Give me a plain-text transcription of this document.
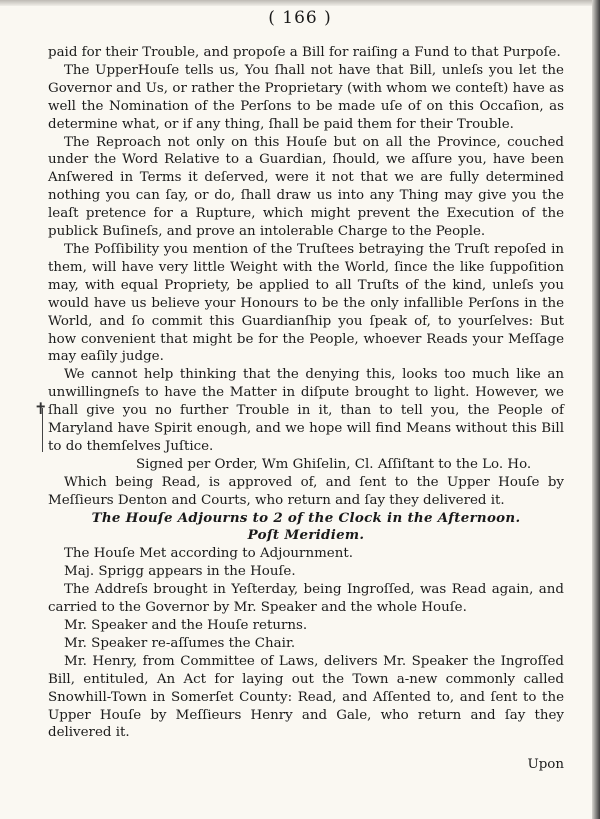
( 166 )
✝

paid for their Trouble, and propoſe a Bill for raiſing a Fund to that Purpoſe.

The UpperHouſe tells us, You ſhall not have that Bill, unleſs you let the Governor and Us, or rather the Proprietary (with whom we conteſt) have as well the Nomination of the Perſons to be made uſe of on this Occaſion, as determine what, or if any thing, ſhall be paid them for their Trouble.

The Reproach not only on this Houſe but on all the Province, couched under the Word Relative to a Guardian, ſhould, we aſſure you, have been Anſwered in Terms it deſerved, were it not that we are fully determined nothing you can ſay, or do, ſhall draw us into any Thing may give you the leaſt pretence for a Rupture, which might prevent the Execution of the publick Buſineſs, and prove an intolerable Charge to the People.

The Poſſibility you mention of the Truſtees betraying the Truſt repoſed in them, will have very little Weight with the World, ſince the like ſuppoſition may, with equal Propriety, be applied to all Truſts of the kind, unleſs you would have us believe your Honours to be the only infallible Perſons in the World, and ſo commit this Guardianſhip you ſpeak of, to yourſelves: But how convenient that might be for the People, whoever Reads your Meſſage may eaſily judge.

We cannot help thinking that the denying this, looks too much like an unwillingneſs to have the Matter in diſpute brought to light. However, we ſhall give you no further Trouble in it, than to tell you, the People of Maryland have Spirit enough, and we hope will find Means without this Bill to do themſelves Juſtice.

Signed per Order, Wm Ghiſelin, Cl. Aſſiſtant to the Lo. Ho.

Which being Read, is approved of, and ſent to the Upper Houſe by Meſſieurs Denton and Courts, who return and ſay they delivered it.

The Houſe Adjourns to 2 of the Clock in the Afternoon.

Poſt Meridiem.

The Houſe Met according to Adjournment.

Maj. Sprigg appears in the Houſe.

The Addreſs brought in Yeſterday, being Ingroſſed, was Read again, and carried to the Governor by Mr. Speaker and the whole Houſe.

Mr. Speaker and the Houſe returns.

Mr. Speaker re-aſſumes the Chair.

Mr. Henry, from Committee of Laws, delivers Mr. Speaker the Ingroſſed Bill, entituled, An Act for laying out the Town a-new commonly called Snowhill-Town in Somerſet County: Read, and Aſſented to, and ſent to the Upper Houſe by Meſſieurs Henry and Gale, who return and ſay they delivered it.

Upon
